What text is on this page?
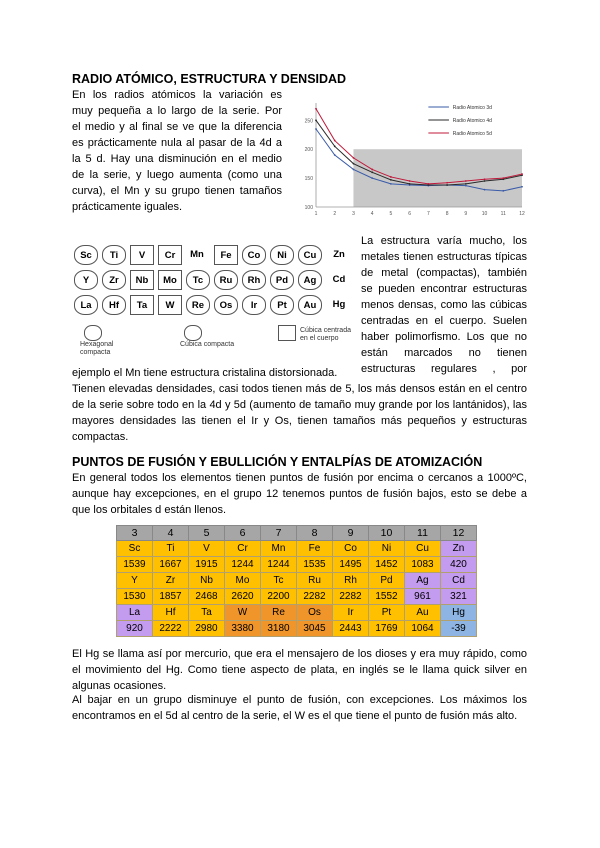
RADIO ATÓMICO, ESTRUCTURA Y DENSIDAD
En los radios atómicos la variación es
muy pequeña a lo largo de la serie. Por
el medio y al final se ve que la diferencia
es prácticamente nula al pasar de la 4d a
la 5 d. Hay una disminución en el medio
de la serie, y luego aumenta (como una
curva), el Mn y su grupo tienen tamaños
prácticamente iguales.	100
150
200
250
1	2	3	4	5	6	7	8	9	10	11	12
Radio Atomico 3d
Radio Atomico 4d
Radio Atomico 5d
Sc	Ti	V	Cr	Mn	Fe	Co	Ni	Cu	Zn
Y	Zr	Nb	Mo	Tc	Ru	Rh	Pd	Ag	Cd
La	Hf	Ta	W	Re	Os	Ir	Pt	Au	Hg
Hexagonal compacta
Cúbica compacta
Cúbica centrada en el cuerpo
La estructura varía mucho, los
metales tienen estructuras típicas
de metal (compactas), también
se pueden encontrar estructuras
menos densas, como las cúbicas
centradas en el cuerpo. Suelen
haber polimorfismo. Los que no
están marcados no tienen
estructuras regulares , por
ejemplo el Mn tiene estructura cristalina distorsionada.
Tienen elevadas densidades, casi todos tienen más de 5, los más densos están en el centro de la serie sobre todo en la 4d y 5d (aumento de tamaño muy grande por los lantánidos), las mayores densidades las tienen el Ir y Os, tienen tamaños más pequeños y estructuras compactas.
PUNTOS DE FUSIÓN Y EBULLICIÓN Y ENTALPÍAS DE ATOMIZACIÓN
En general todos los elementos tienen puntos de fusión por encima o cercanos a 1000ºC, aunque hay excepciones, en el grupo 12 tenemos puntos de fusión bajos, esto se debe a que los orbitales d están llenos.
3	4	5	6	7	8	9	10	11	12
Sc	Ti	V	Cr	Mn	Fe	Co	Ni	Cu	Zn
1539	1667	1915	1244	1244	1535	1495	1452	1083	420
Y	Zr	Nb	Mo	Tc	Ru	Rh	Pd	Ag	Cd
1530	1857	2468	2620	2200	2282	2282	1552	961	321
La	Hf	Ta	W	Re	Os	Ir	Pt	Au	Hg
920	2222	2980	3380	3180	3045	2443	1769	1064	-39
El Hg se llama así por mercurio, que era el mensajero de los dioses y era muy rápido, como el movimiento del Hg. Como tiene aspecto de plata, en inglés se le llama quick silver en algunas ocasiones.
Al bajar en un grupo disminuye el punto de fusión, con excepciones. Los máximos los encontramos en el 5d al centro de la serie, el W es el que tiene el punto de fusión más alto.
